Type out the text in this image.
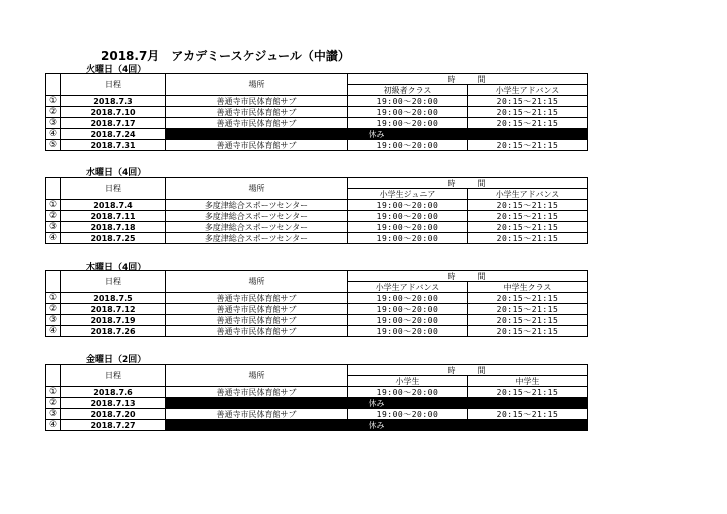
2018.7月　アカデミースケジュール（中讃）
火曜日（4回）
	日程	場所	時　　間	
			初級者クラス	小学生アドバンス
①	2018.7.3	善通寺市民体育館サブ	19:00～20:00	20:15～21:15
②	2018.7.10	善通寺市民体育館サブ	19:00～20:00	20:15～21:15
③	2018.7.17	善通寺市民体育館サブ	19:00～20:00	20:15～21:15
④	2018.7.24	休み		
⑤	2018.7.31	善通寺市民体育館サブ	19:00～20:00	20:15～21:15
水曜日（4回）
	日程	場所	時　　間	
			小学生ジュニア	小学生アドバンス
①	2018.7.4	多度津総合スポーツセンター	19:00～20:00	20:15～21:15
②	2018.7.11	多度津総合スポーツセンター	19:00～20:00	20:15～21:15
③	2018.7.18	多度津総合スポーツセンター	19:00～20:00	20:15～21:15
④	2018.7.25	多度津総合スポーツセンター	19:00～20:00	20:15～21:15
木曜日（4回）
	日程	場所	時　　間	
			小学生アドバンス	中学生クラス
①	2018.7.5	善通寺市民体育館サブ	19:00～20:00	20:15～21:15
②	2018.7.12	善通寺市民体育館サブ	19:00～20:00	20:15～21:15
③	2018.7.19	善通寺市民体育館サブ	19:00～20:00	20:15～21:15
④	2018.7.26	善通寺市民体育館サブ	19:00～20:00	20:15～21:15
金曜日（2回）
	日程	場所	時　　間	
			小学生	中学生
①	2018.7.6	善通寺市民体育館サブ	19:00～20:00	20:15～21:15
②	2018.7.13	休み		
③	2018.7.20	善通寺市民体育館サブ	19:00～20:00	20:15～21:15
④	2018.7.27	休み		
